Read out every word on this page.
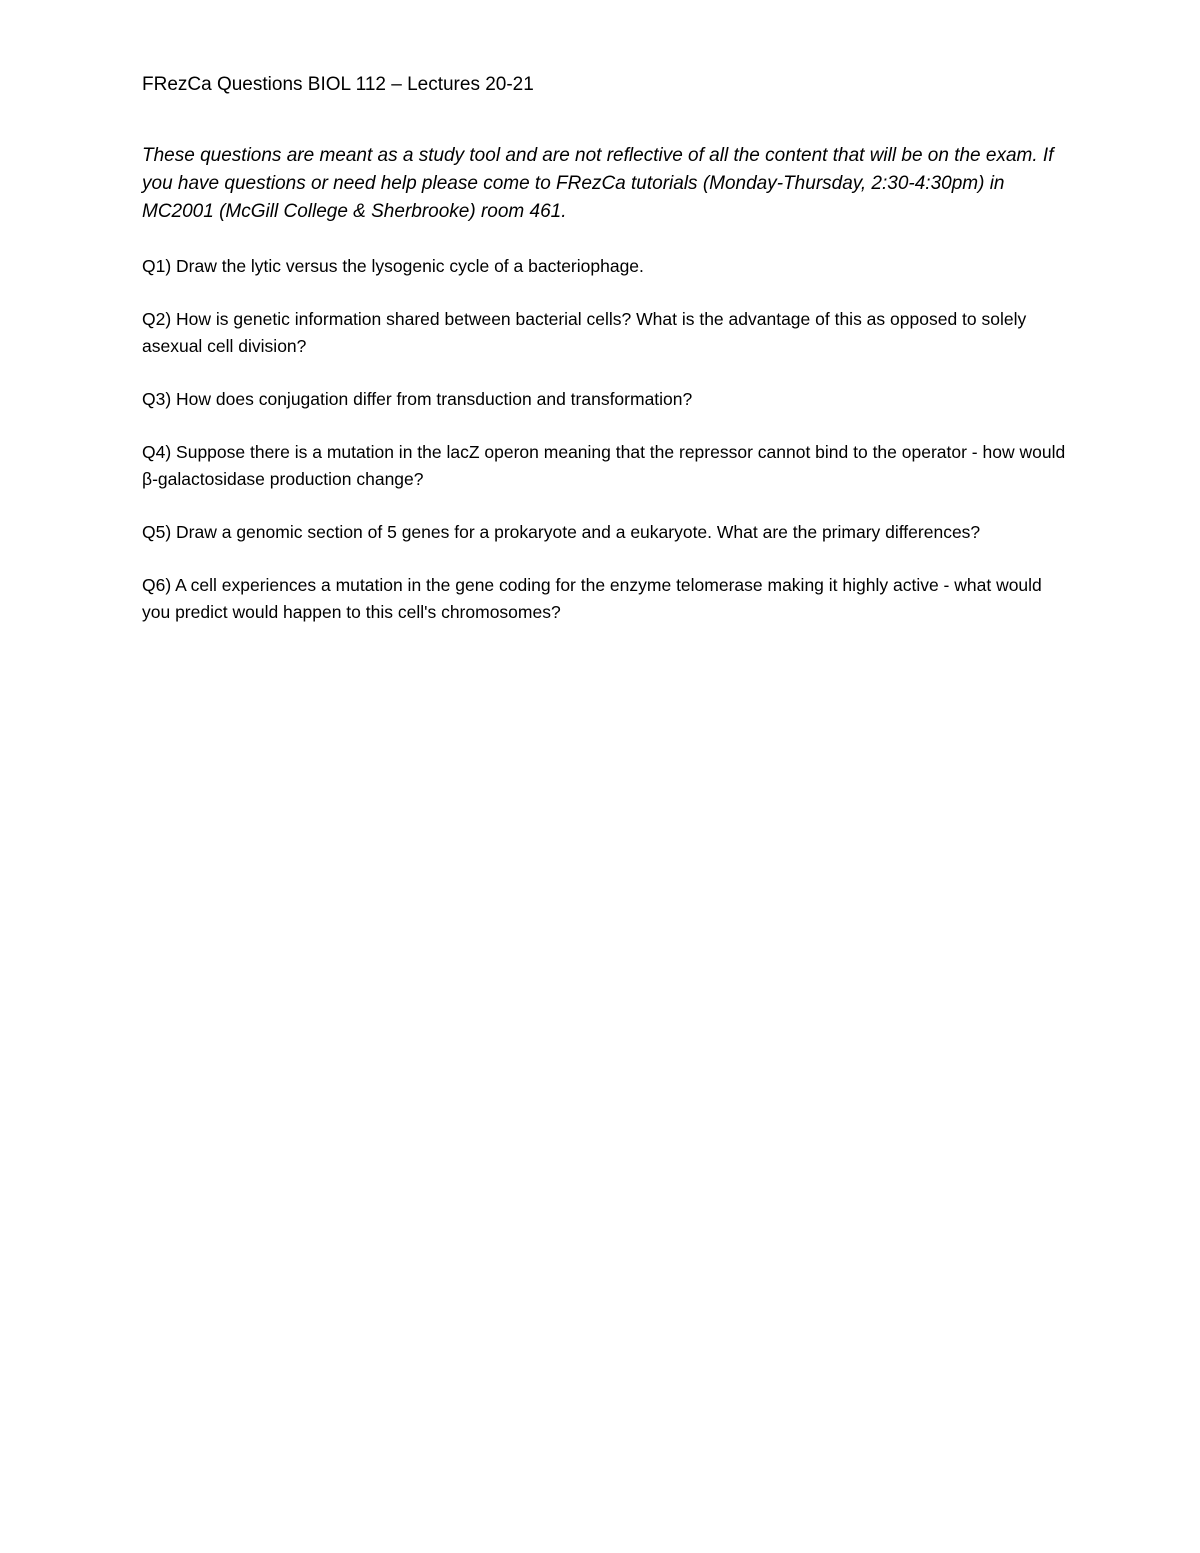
FRezCa Questions BIOL 112 – Lectures 20-21
These questions are meant as a study tool and are not reflective of all the content that will be on the exam. If you have questions or need help please come to FRezCa tutorials (Monday-Thursday, 2:30-4:30pm) in MC2001 (McGill College & Sherbrooke) room 461.
Q1) Draw the lytic versus the lysogenic cycle of a bacteriophage.
Q2) How is genetic information shared between bacterial cells? What is the advantage of this as opposed to solely asexual cell division?
Q3) How does conjugation differ from transduction and transformation?
Q4) Suppose there is a mutation in the lacZ operon meaning that the repressor cannot bind to the operator - how would β-galactosidase production change?
Q5) Draw a genomic section of 5 genes for a prokaryote and a eukaryote. What are the primary differences?
Q6) A cell experiences a mutation in the gene coding for the enzyme telomerase making it highly active - what would you predict would happen to this cell's chromosomes?
